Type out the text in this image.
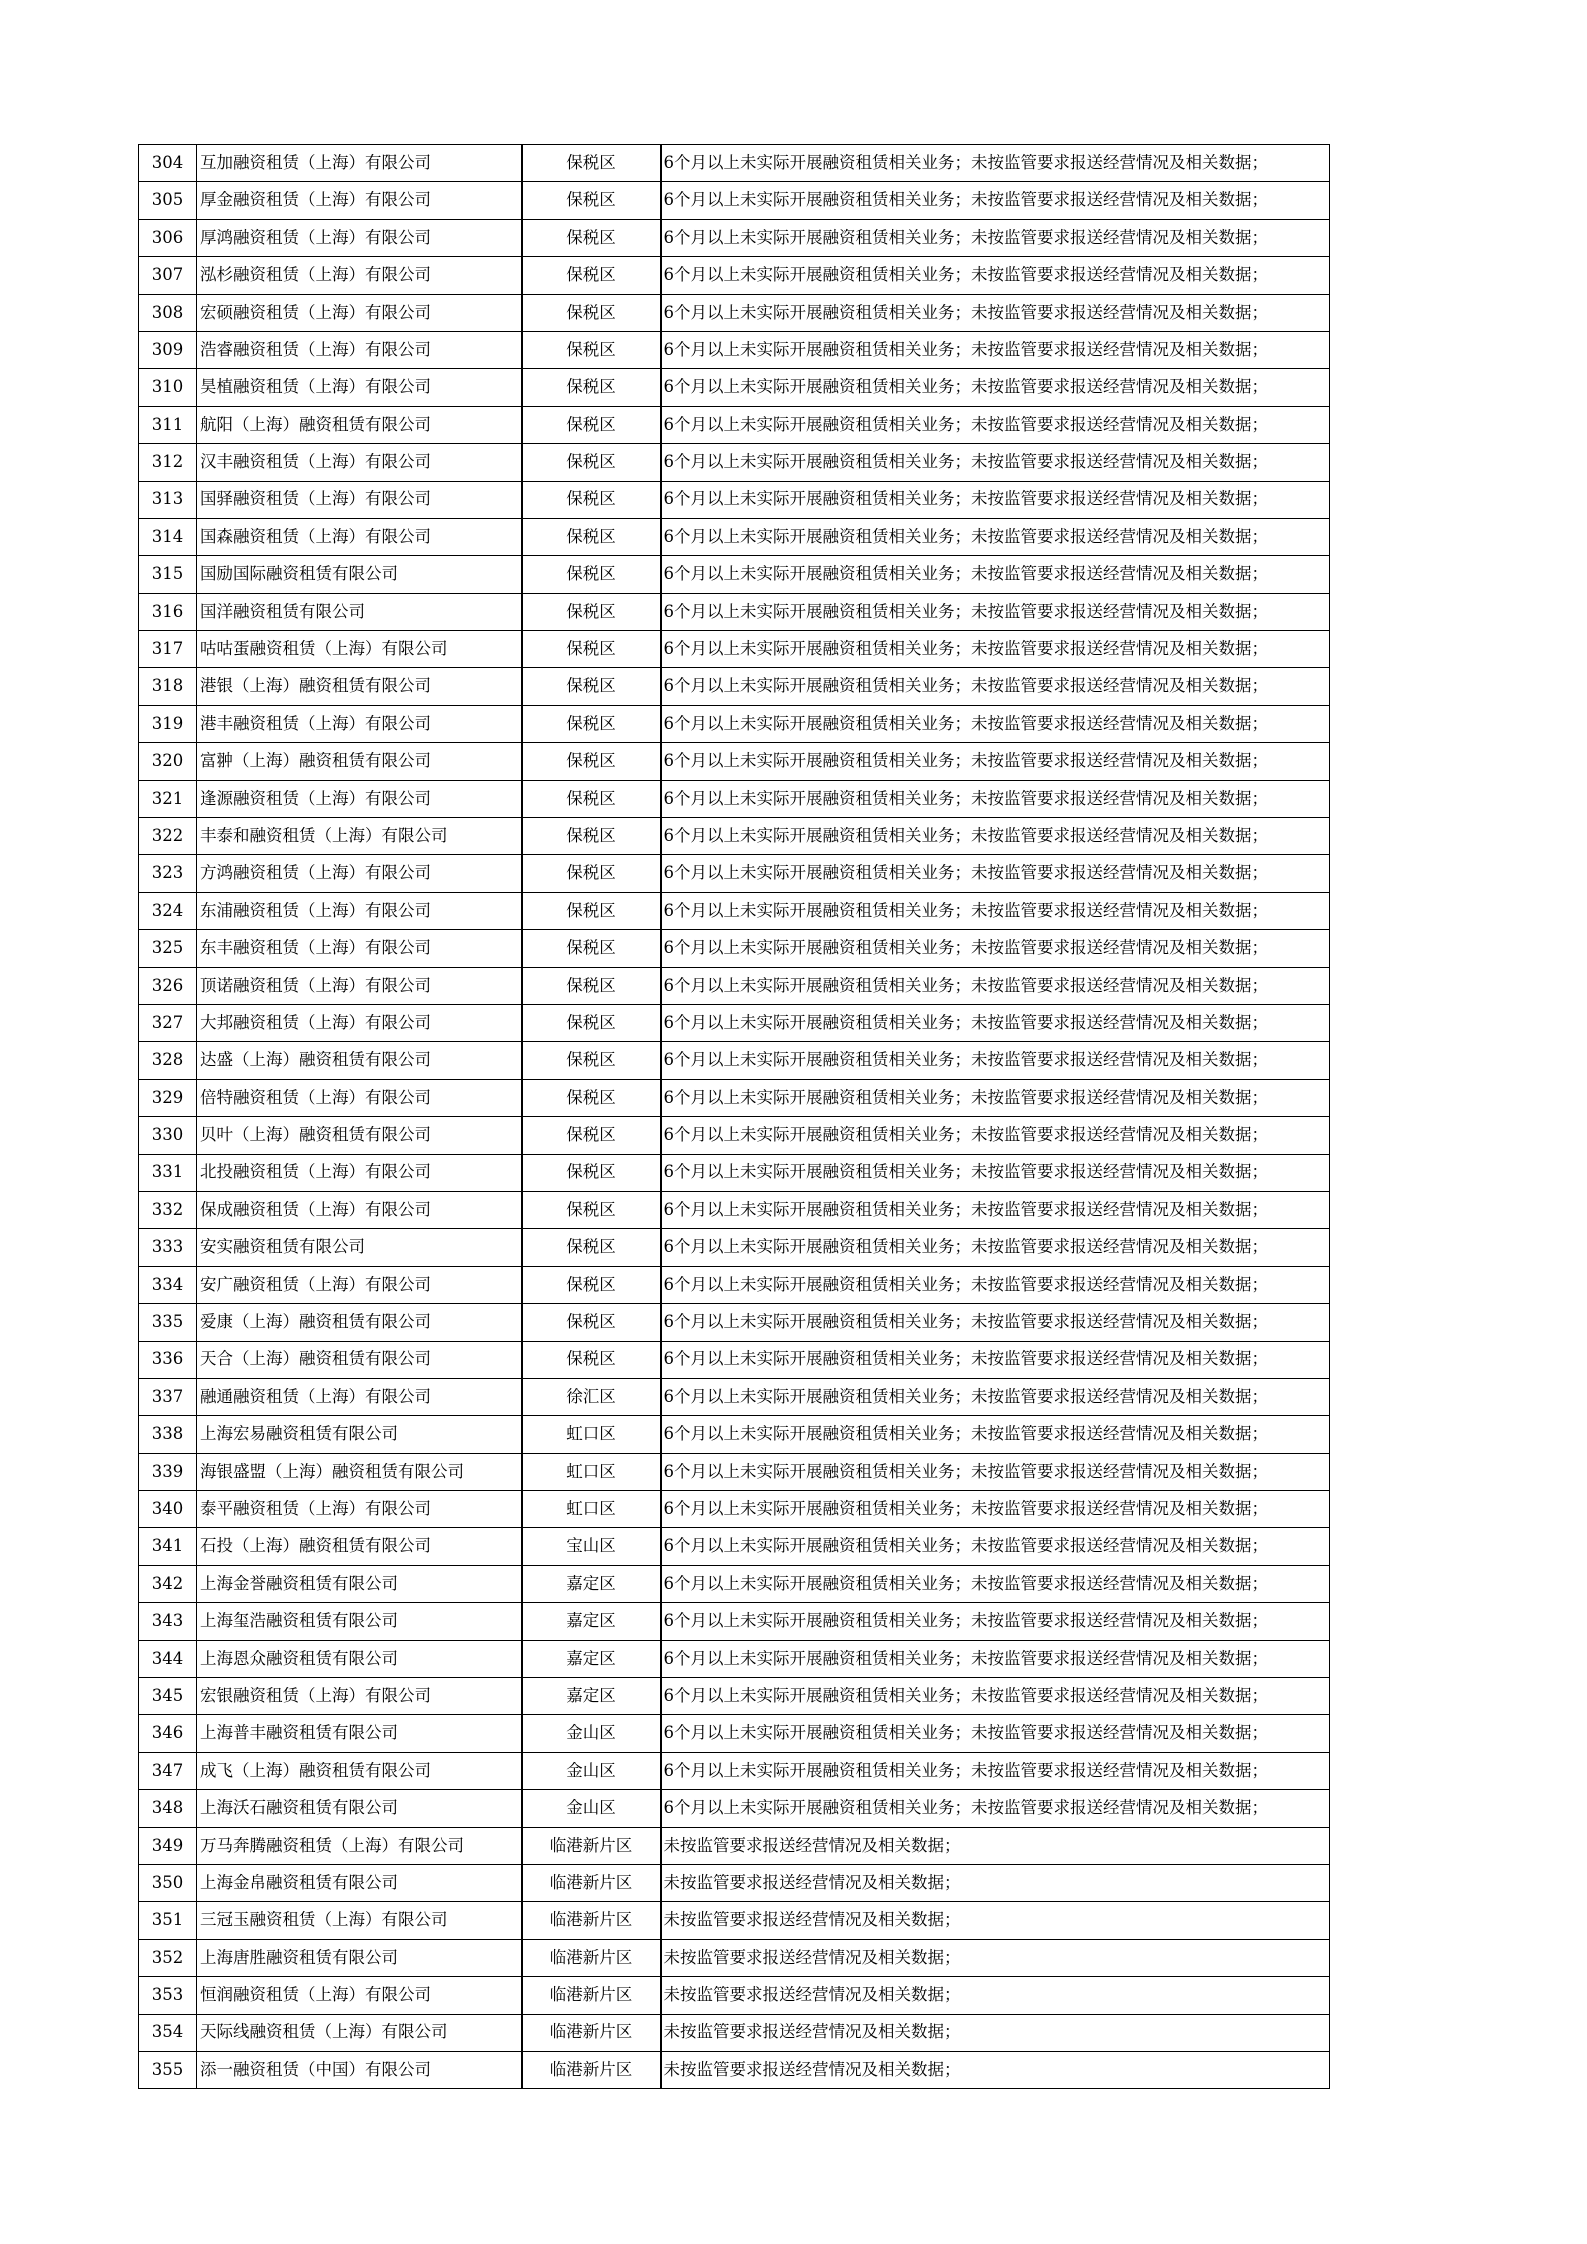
304	互加融资租赁（上海）有限公司	保税区	6个月以上未实际开展融资租赁相关业务；未按监管要求报送经营情况及相关数据；
305	厚金融资租赁（上海）有限公司	保税区	6个月以上未实际开展融资租赁相关业务；未按监管要求报送经营情况及相关数据；
306	厚鸿融资租赁（上海）有限公司	保税区	6个月以上未实际开展融资租赁相关业务；未按监管要求报送经营情况及相关数据；
307	泓杉融资租赁（上海）有限公司	保税区	6个月以上未实际开展融资租赁相关业务；未按监管要求报送经营情况及相关数据；
308	宏硕融资租赁（上海）有限公司	保税区	6个月以上未实际开展融资租赁相关业务；未按监管要求报送经营情况及相关数据；
309	浩睿融资租赁（上海）有限公司	保税区	6个月以上未实际开展融资租赁相关业务；未按监管要求报送经营情况及相关数据；
310	昊植融资租赁（上海）有限公司	保税区	6个月以上未实际开展融资租赁相关业务；未按监管要求报送经营情况及相关数据；
311	航阳（上海）融资租赁有限公司	保税区	6个月以上未实际开展融资租赁相关业务；未按监管要求报送经营情况及相关数据；
312	汉丰融资租赁（上海）有限公司	保税区	6个月以上未实际开展融资租赁相关业务；未按监管要求报送经营情况及相关数据；
313	国驿融资租赁（上海）有限公司	保税区	6个月以上未实际开展融资租赁相关业务；未按监管要求报送经营情况及相关数据；
314	国森融资租赁（上海）有限公司	保税区	6个月以上未实际开展融资租赁相关业务；未按监管要求报送经营情况及相关数据；
315	国励国际融资租赁有限公司	保税区	6个月以上未实际开展融资租赁相关业务；未按监管要求报送经营情况及相关数据；
316	国洋融资租赁有限公司	保税区	6个月以上未实际开展融资租赁相关业务；未按监管要求报送经营情况及相关数据；
317	咕咕蛋融资租赁（上海）有限公司	保税区	6个月以上未实际开展融资租赁相关业务；未按监管要求报送经营情况及相关数据；
318	港银（上海）融资租赁有限公司	保税区	6个月以上未实际开展融资租赁相关业务；未按监管要求报送经营情况及相关数据；
319	港丰融资租赁（上海）有限公司	保税区	6个月以上未实际开展融资租赁相关业务；未按监管要求报送经营情况及相关数据；
320	富翀（上海）融资租赁有限公司	保税区	6个月以上未实际开展融资租赁相关业务；未按监管要求报送经营情况及相关数据；
321	逢源融资租赁（上海）有限公司	保税区	6个月以上未实际开展融资租赁相关业务；未按监管要求报送经营情况及相关数据；
322	丰泰和融资租赁（上海）有限公司	保税区	6个月以上未实际开展融资租赁相关业务；未按监管要求报送经营情况及相关数据；
323	方鸿融资租赁（上海）有限公司	保税区	6个月以上未实际开展融资租赁相关业务；未按监管要求报送经营情况及相关数据；
324	东浦融资租赁（上海）有限公司	保税区	6个月以上未实际开展融资租赁相关业务；未按监管要求报送经营情况及相关数据；
325	东丰融资租赁（上海）有限公司	保税区	6个月以上未实际开展融资租赁相关业务；未按监管要求报送经营情况及相关数据；
326	顶诺融资租赁（上海）有限公司	保税区	6个月以上未实际开展融资租赁相关业务；未按监管要求报送经营情况及相关数据；
327	大邦融资租赁（上海）有限公司	保税区	6个月以上未实际开展融资租赁相关业务；未按监管要求报送经营情况及相关数据；
328	达盛（上海）融资租赁有限公司	保税区	6个月以上未实际开展融资租赁相关业务；未按监管要求报送经营情况及相关数据；
329	倍特融资租赁（上海）有限公司	保税区	6个月以上未实际开展融资租赁相关业务；未按监管要求报送经营情况及相关数据；
330	贝叶（上海）融资租赁有限公司	保税区	6个月以上未实际开展融资租赁相关业务；未按监管要求报送经营情况及相关数据；
331	北投融资租赁（上海）有限公司	保税区	6个月以上未实际开展融资租赁相关业务；未按监管要求报送经营情况及相关数据；
332	保成融资租赁（上海）有限公司	保税区	6个月以上未实际开展融资租赁相关业务；未按监管要求报送经营情况及相关数据；
333	安实融资租赁有限公司	保税区	6个月以上未实际开展融资租赁相关业务；未按监管要求报送经营情况及相关数据；
334	安广融资租赁（上海）有限公司	保税区	6个月以上未实际开展融资租赁相关业务；未按监管要求报送经营情况及相关数据；
335	爱康（上海）融资租赁有限公司	保税区	6个月以上未实际开展融资租赁相关业务；未按监管要求报送经营情况及相关数据；
336	天合（上海）融资租赁有限公司	保税区	6个月以上未实际开展融资租赁相关业务；未按监管要求报送经营情况及相关数据；
337	融通融资租赁（上海）有限公司	徐汇区	6个月以上未实际开展融资租赁相关业务；未按监管要求报送经营情况及相关数据；
338	上海宏易融资租赁有限公司	虹口区	6个月以上未实际开展融资租赁相关业务；未按监管要求报送经营情况及相关数据；
339	海银盛盟（上海）融资租赁有限公司	虹口区	6个月以上未实际开展融资租赁相关业务；未按监管要求报送经营情况及相关数据；
340	泰平融资租赁（上海）有限公司	虹口区	6个月以上未实际开展融资租赁相关业务；未按监管要求报送经营情况及相关数据；
341	石投（上海）融资租赁有限公司	宝山区	6个月以上未实际开展融资租赁相关业务；未按监管要求报送经营情况及相关数据；
342	上海金誉融资租赁有限公司	嘉定区	6个月以上未实际开展融资租赁相关业务；未按监管要求报送经营情况及相关数据；
343	上海玺浩融资租赁有限公司	嘉定区	6个月以上未实际开展融资租赁相关业务；未按监管要求报送经营情况及相关数据；
344	上海恩众融资租赁有限公司	嘉定区	6个月以上未实际开展融资租赁相关业务；未按监管要求报送经营情况及相关数据；
345	宏银融资租赁（上海）有限公司	嘉定区	6个月以上未实际开展融资租赁相关业务；未按监管要求报送经营情况及相关数据；
346	上海普丰融资租赁有限公司	金山区	6个月以上未实际开展融资租赁相关业务；未按监管要求报送经营情况及相关数据；
347	成飞（上海）融资租赁有限公司	金山区	6个月以上未实际开展融资租赁相关业务；未按监管要求报送经营情况及相关数据；
348	上海沃石融资租赁有限公司	金山区	6个月以上未实际开展融资租赁相关业务；未按监管要求报送经营情况及相关数据；
349	万马奔腾融资租赁（上海）有限公司	临港新片区	未按监管要求报送经营情况及相关数据；
350	上海金帛融资租赁有限公司	临港新片区	未按监管要求报送经营情况及相关数据；
351	三冠玉融资租赁（上海）有限公司	临港新片区	未按监管要求报送经营情况及相关数据；
352	上海唐胜融资租赁有限公司	临港新片区	未按监管要求报送经营情况及相关数据；
353	恒润融资租赁（上海）有限公司	临港新片区	未按监管要求报送经营情况及相关数据；
354	天际线融资租赁（上海）有限公司	临港新片区	未按监管要求报送经营情况及相关数据；
355	添一融资租赁（中国）有限公司	临港新片区	未按监管要求报送经营情况及相关数据；
